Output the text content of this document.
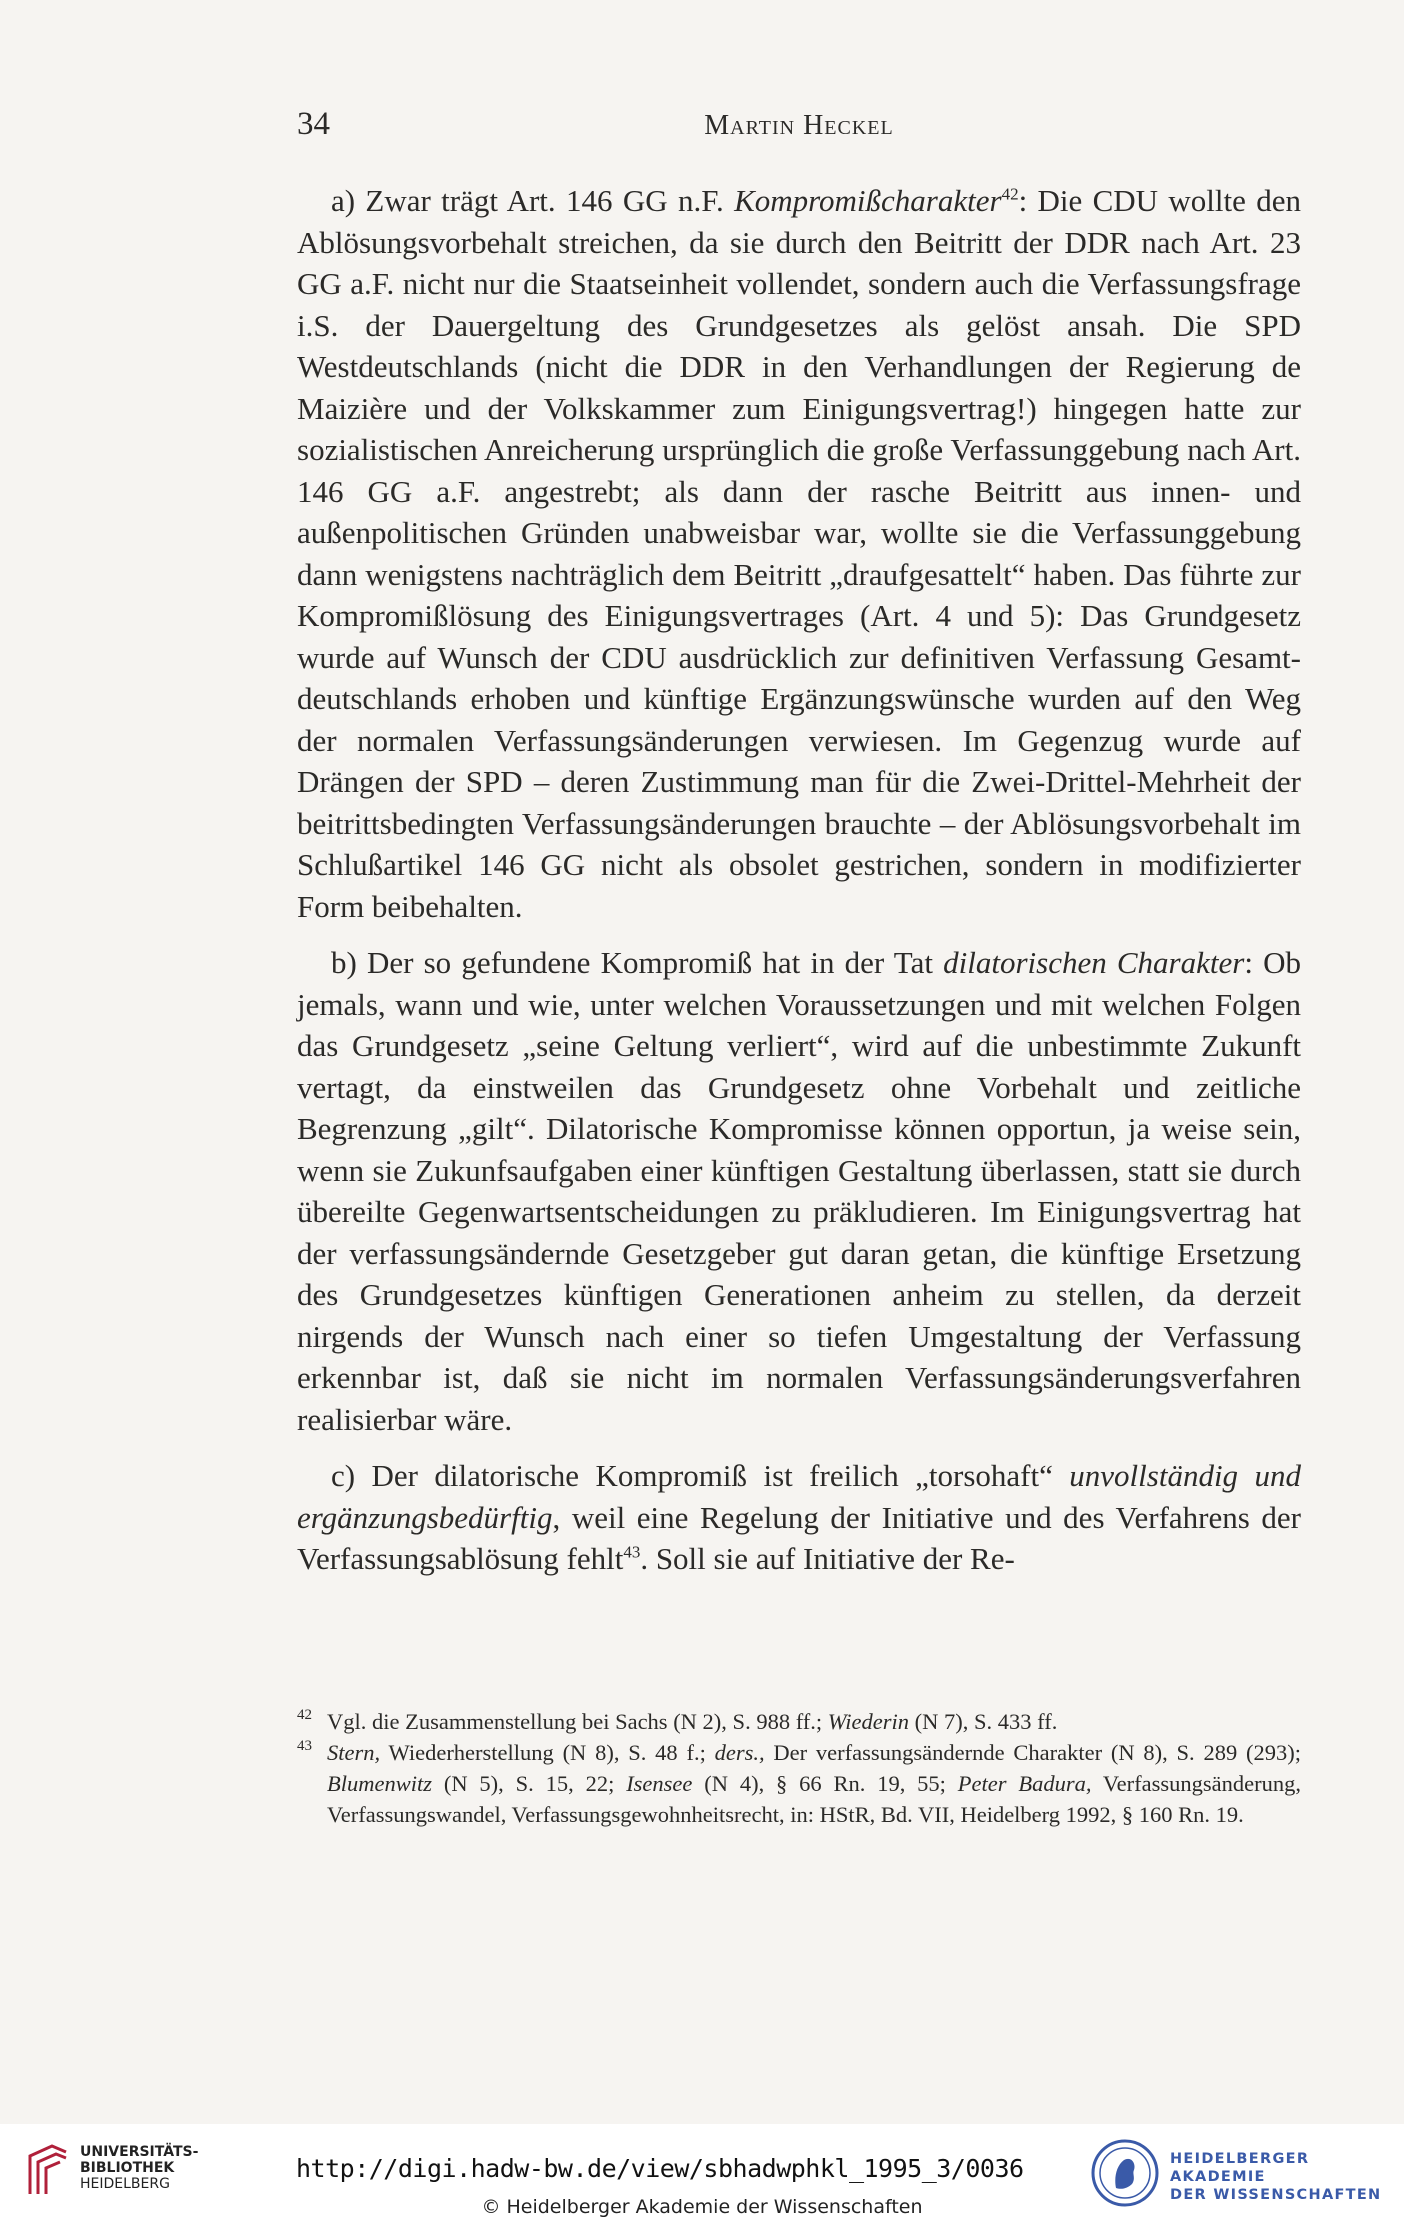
34	Martin Heckel

a) Zwar trägt Art. 146 GG n.F. Kompromißcharakter$^{42}$: Die CDU wollte den Ablösungsvorbehalt streichen, da sie durch den Beitritt der DDR nach Art. 23 GG a.F. nicht nur die Staatseinheit vollendet, sondern auch die Verfassungsfrage i.S. der Dauergeltung des Grundgesetzes als gelöst ansah. Die SPD Westdeutschlands (nicht die DDR in den Verhandlungen der Regierung de Maizière und der Volkskammer zum Einigungsvertrag!) hingegen hatte zur sozialistischen Anreicherung ursprünglich die große Verfassunggebung nach Art. 146 GG a.F. angestrebt; als dann der rasche Beitritt aus innen- und außenpolitischen Gründen unabweisbar war, wollte sie die Verfassunggebung dann wenigstens nachträglich dem Beitritt „draufgesattelt“ haben. Das führte zur Kompromißlösung des Einigungsvertrages (Art. 4 und 5): Das Grundgesetz wurde auf Wunsch der CDU ausdrücklich zur definitiven Verfassung Gesamtdeutschlands erhoben und künftige Ergänzungswünsche wurden auf den Weg der normalen Verfassungsänderungen verwiesen. Im Gegenzug wurde auf Drängen der SPD – deren Zustimmung man für die Zwei-Drittel-Mehrheit der beitrittsbedingten Verfassungsänderungen brauchte – der Ablösungsvorbehalt im Schlußartikel 146 GG nicht als obsolet gestrichen, sondern in modifizierter Form beibehalten.

b) Der so gefundene Kompromiß hat in der Tat dilatorischen Charakter: Ob jemals, wann und wie, unter welchen Voraussetzungen und mit welchen Folgen das Grundgesetz „seine Geltung verliert“, wird auf die unbestimmte Zukunft vertagt, da einstweilen das Grundgesetz ohne Vorbehalt und zeitliche Begrenzung „gilt“. Dilatorische Kompromisse können opportun, ja weise sein, wenn sie Zukunfsaufgaben einer künftigen Gestaltung überlassen, statt sie durch übereilte Gegenwartsentscheidungen zu präkludieren. Im Einigungsvertrag hat der verfassungsändernde Gesetzgeber gut daran getan, die künftige Ersetzung des Grundgesetzes künftigen Generationen anheim zu stellen, da derzeit nirgends der Wunsch nach einer so tiefen Umgestaltung der Verfassung erkennbar ist, daß sie nicht im normalen Verfassungsänderungsverfahren realisierbar wäre.

c) Der dilatorische Kompromiß ist freilich „torsohaft“ unvollständig und ergänzungsbedürftig, weil eine Regelung der Initiative und des Verfahrens der Verfassungsablösung fehlt$^{43}$. Soll sie auf Initiative der Re-

42 Vgl. die Zusammenstellung bei Sachs (N 2), S. 988 ff.; Wiederin (N 7), S. 433 ff.

43 Stern, Wiederherstellung (N 8), S. 48 f.; ders., Der verfassungsändernde Charakter (N 8), S. 289 (293); Blumenwitz (N 5), S. 15, 22; Isensee (N 4), § 66 Rn. 19, 55; Peter Badura, Verfassungsänderung, Verfassungswandel, Verfassungsgewohnheitsrecht, in: HStR, Bd. VII, Heidelberg 1992, § 160 Rn. 19.

UNIVERSITÄTS-
BIBLIOTHEK
HEIDELBERG
http://digi.hadw-bw.de/view/sbhadwphkl_1995_3/0036
© Heidelberger Akademie der Wissenschaften
HEIDELBERGER AKADEMIE
DER WISSENSCHAFTEN
